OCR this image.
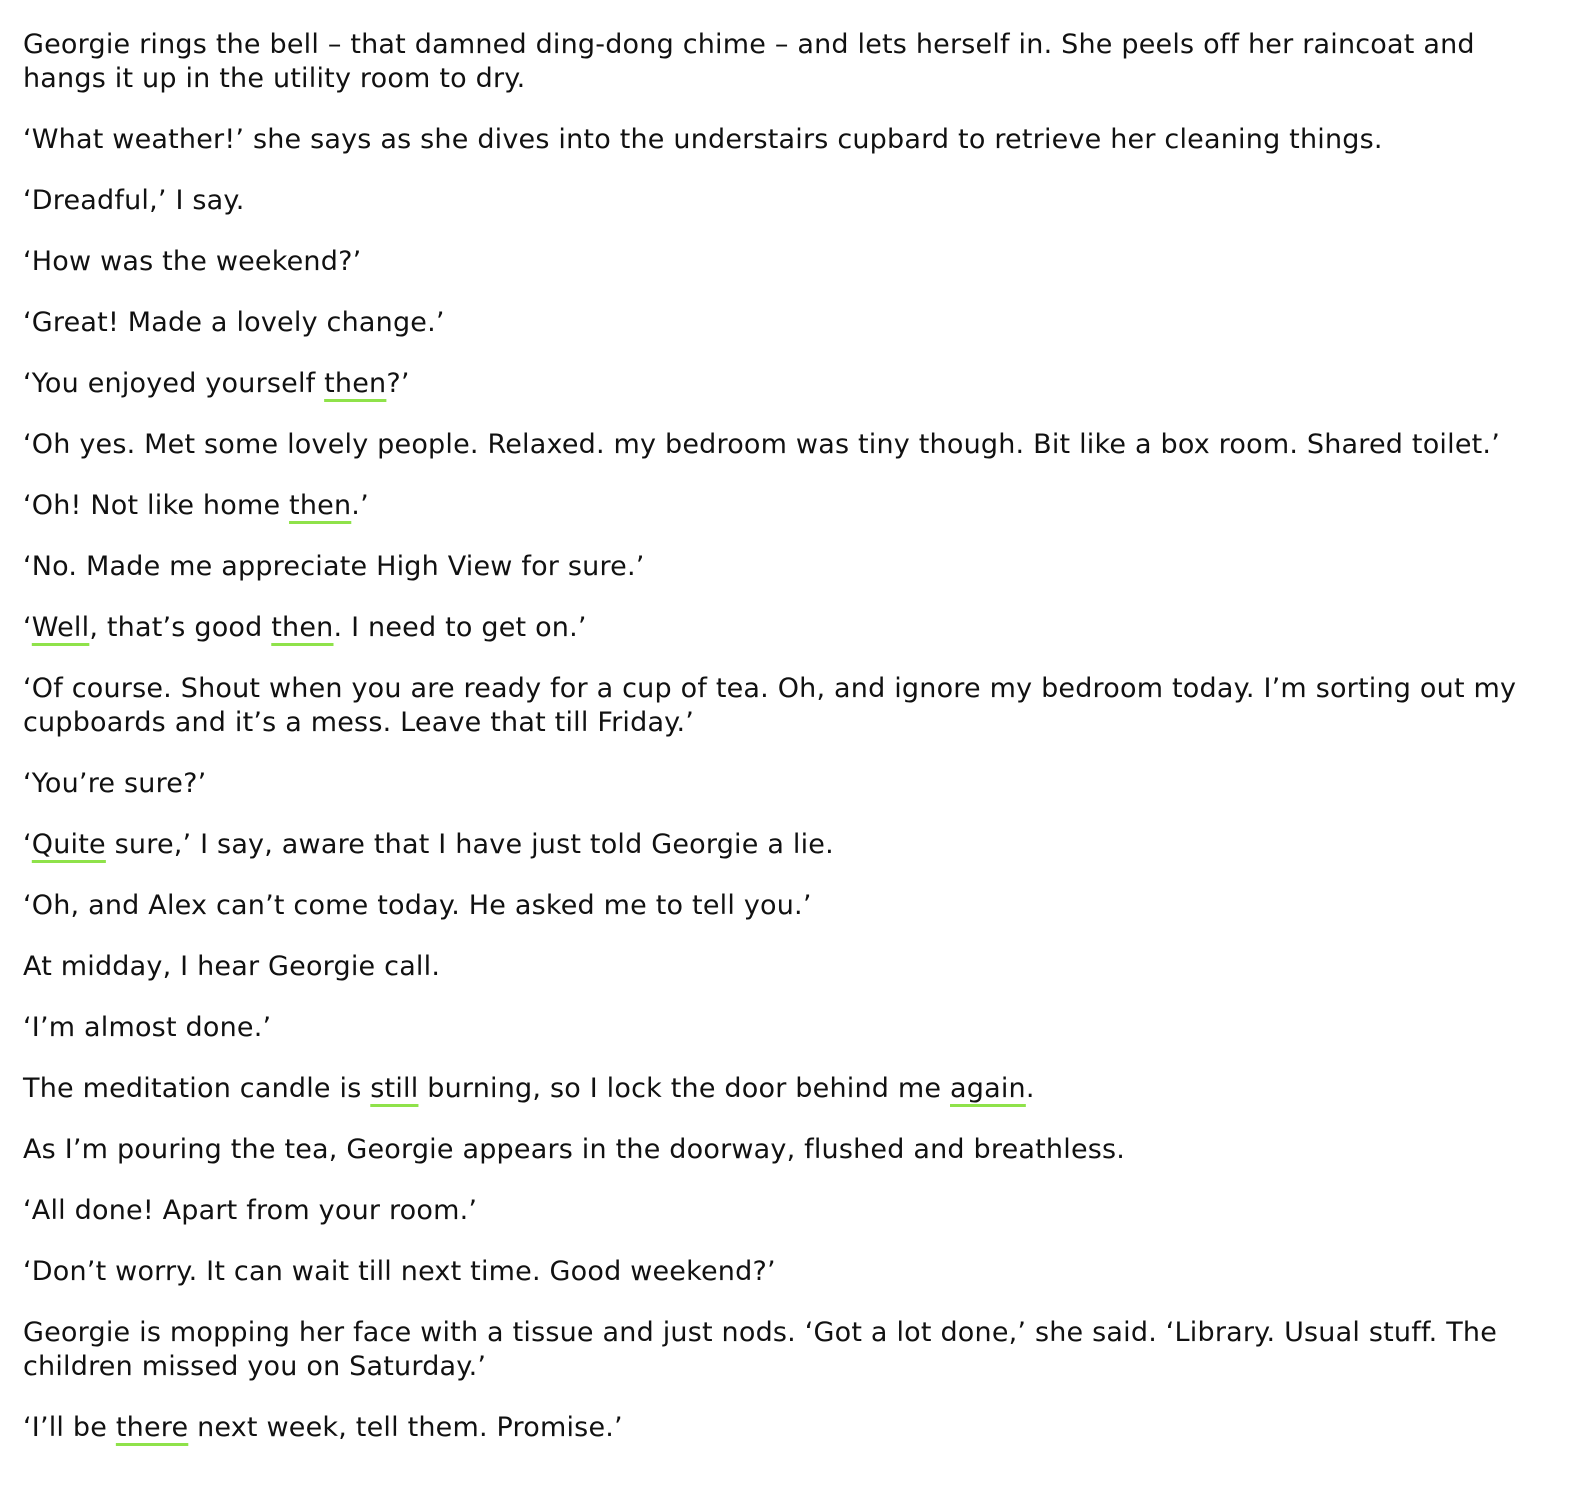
Georgie rings the bell – that damned ding-dong chime – and lets herself in. She peels off her raincoat and hangs it up in the utility room to dry.

‘What weather!’ she says as she dives into the understairs cupbard to retrieve her cleaning things.

‘Dreadful,’ I say.

‘How was the weekend?’

‘Great! Made a lovely change.’

‘You enjoyed yourself then?’

‘Oh yes. Met some lovely people. Relaxed. my bedroom was tiny though. Bit like a box room. Shared toilet.’

‘Oh! Not like home then.’

‘No. Made me appreciate High View for sure.’

‘Well, that’s good then. I need to get on.’

‘Of course. Shout when you are ready for a cup of tea. Oh, and ignore my bedroom today. I’m sorting out my cupboards and it’s a mess. Leave that till Friday.’

‘You’re sure?’

‘Quite sure,’ I say, aware that I have just told Georgie a lie.

‘Oh, and Alex can’t come today. He asked me to tell you.’

At midday, I hear Georgie call.

‘I’m almost done.’

The meditation candle is still burning, so I lock the door behind me again.

As I’m pouring the tea, Georgie appears in the doorway, flushed and breathless.

‘All done! Apart from your room.’

‘Don’t worry. It can wait till next time. Good weekend?’

Georgie is mopping her face with a tissue and just nods. ‘Got a lot done,’ she said. ‘Library. Usual stuff. The children missed you on Saturday.’

‘I’ll be there next week, tell them. Promise.’
